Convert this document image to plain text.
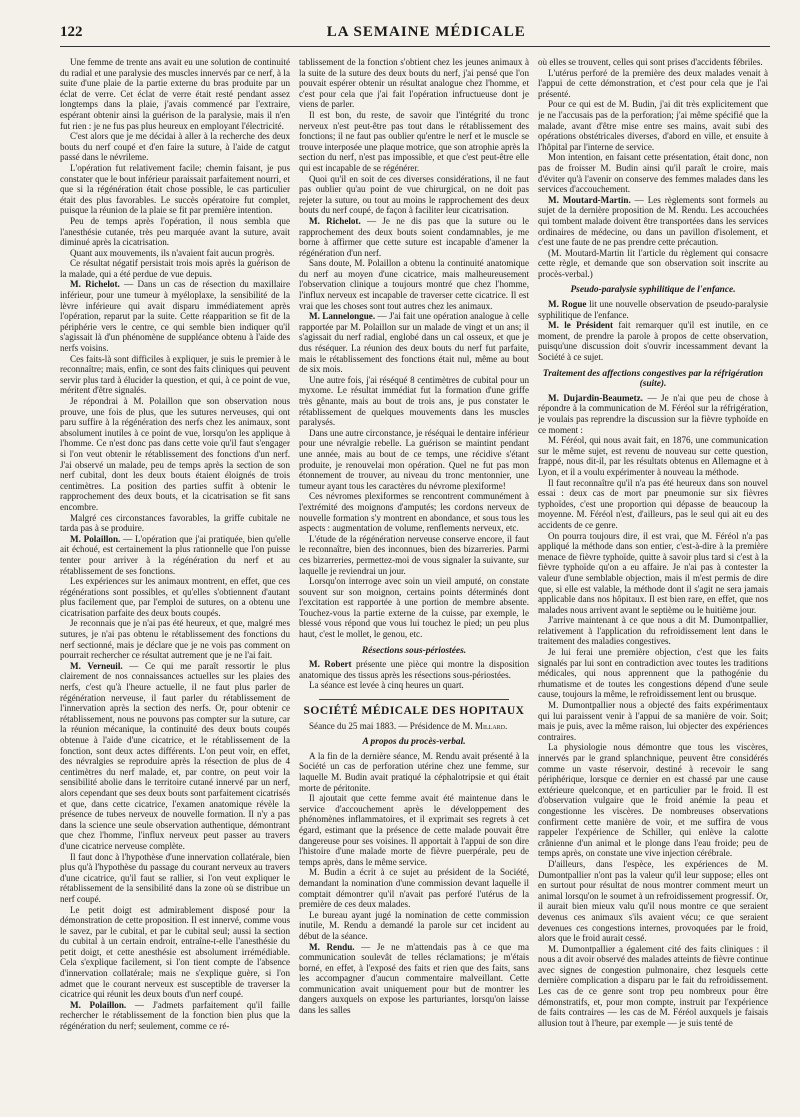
122	LA SEMAINE MÉDICALE

Une femme de trente ans avait eu une solution de continuité du radial et une paralysie des muscles innervés par ce nerf, à la suite d'une plaie de la partie externe du bras produite par un éclat de verre. Cet éclat de verre était resté pendant assez longtemps dans la plaie, j'avais commencé par l'extraire, espérant obtenir ainsi la guérison de la paralysie, mais il n'en fut rien : je ne fus pas plus heureux en employant l'électricité.

C'est alors que je me décidai à aller à la recherche des deux bouts du nerf coupé et d'en faire la suture, à l'aide de catgut passé dans le névrileme.

L'opération fut relativement facile; chemin faisant, je pus constater que le bout inférieur paraissait parfaitement nourri, et que si la régénération était chose possible, le cas particulier était des plus favorables. Le succès opératoire fut complet, puisque la réunion de la plaie se fit par première intention.

Peu de temps après l'opération, il nous sembla que l'anesthésie cutanée, très peu marquée avant la suture, avait diminué après la cicatrisation.

Quant aux mouvements, ils n'avaient fait aucun progrès.

Ce résultat négatif persistait trois mois après la guérison de la malade, qui a été perdue de vue depuis.

M. Richelot. — Dans un cas de résection du maxillaire inférieur, pour une tumeur à myéloplaxe, la sensibilité de la lèvre inférieure qui avait disparu immédiatement après l'opération, reparut par la suite. Cette réapparition se fit de la périphérie vers le centre, ce qui semble bien indiquer qu'il s'agissait là d'un phénomène de suppléance obtenu à l'aide des nerfs voisins.

Ces faits-là sont difficiles à expliquer, je suis le premier à le reconnaître; mais, enfin, ce sont des faits cliniques qui peuvent servir plus tard à élucider la question, et qui, à ce point de vue, méritent d'être signalés.

Je répondrai à M. Polaillon que son observation nous prouve, une fois de plus, que les sutures nerveuses, qui ont paru suffire à la régénération des nerfs chez les animaux, sont absolument inutiles à ce point de vue, lorsqu'on les applique à l'homme. Ce n'est donc pas dans cette voie qu'il faut s'engager si l'on veut obtenir le rétablissement des fonctions d'un nerf. J'ai observé un malade, peu de temps après la section de son nerf cubital, dont les deux bouts étaient éloignés de trois centimètres. La position des parties suffit à obtenir le rapprochement des deux bouts, et la cicatrisation se fit sans encombre.

Malgré ces circonstances favorables, la griffe cubitale ne tarda pas à se produire.

M. Polaillon. — L'opération que j'ai pratiquée, bien qu'elle ait échoué, est certainement la plus rationnelle que l'on puisse tenter pour arriver à la régénération du nerf et au rétablissement de ses fonctions.

Les expériences sur les animaux montrent, en effet, que ces régénérations sont possibles, et qu'elles s'obtiennent d'autant plus facilement que, par l'emploi de sutures, on a obtenu une cicatrisation parfaite des deux bouts coupés.

Je reconnais que je n'ai pas été heureux, et que, malgré mes sutures, je n'ai pas obtenu le rétablissement des fonctions du nerf sectionné, mais je déclare que je ne vois pas comment on pourrait rechercher ce résultat autrement que je ne l'ai fait.

M. Verneuil. — Ce qui me paraît ressortir le plus clairement de nos connaissances actuelles sur les plaies des nerfs, c'est qu'à l'heure actuelle, il ne faut plus parler de régénération nerveuse, il faut parler du rétablissement de l'innervation après la section des nerfs. Or, pour obtenir ce rétablissement, nous ne pouvons pas compter sur la suture, car la réunion mécanique, la continuité des deux bouts coupés obtenue à l'aide d'une cicatrice, et le rétablissement de la fonction, sont deux actes différents. L'on peut voir, en effet, des névralgies se reproduire après la résection de plus de 4 centimètres du nerf malade, et, par contre, on peut voir la sensibilité abolie dans le territoire cutané innervé par un nerf, alors cependant que ses deux bouts sont parfaitement cicatrisés et que, dans cette cicatrice, l'examen anatomique révèle la présence de tubes nerveux de nouvelle formation. Il n'y a pas dans la science une seule observation authentique, démontrant que chez l'homme, l'influx nerveux peut passer au travers d'une cicatrice nerveuse complète.

Il faut donc à l'hypothèse d'une innervation collatérale, bien plus qu'à l'hypothèse du passage du courant nerveux au travers d'une cicatrice, qu'il faut se rallier, si l'on veut expliquer le rétablissement de la sensibilité dans la zone où se distribue un nerf coupé.

Le petit doigt est admirablement disposé pour la démonstration de cette proposition. Il est innervé, comme vous le savez, par le cubital, et par le cubital seul; aussi la section du cubital à un certain endroit, entraîne-t-elle l'anesthésie du petit doigt, et cette anesthésie est absolument irrémédiable. Cela s'explique facilement, si l'on tient compte de l'absence d'innervation collatérale; mais ne s'explique guère, si l'on admet que le courant nerveux est susceptible de traverser la cicatrice qui réunit les deux bouts d'un nerf coupé.

M. Polaillon. — J'admets parfaitement qu'il faille rechercher le rétablissement de la fonction bien plus que la régénération du nerf; seulement, comme ce ré-

tablissement de la fonction s'obtient chez les jeunes animaux à la suite de la suture des deux bouts du nerf, j'ai pensé que l'on pouvait espérer obtenir un résultat analogue chez l'homme, et c'est pour cela que j'ai fait l'opération infructueuse dont je viens de parler.

Il est bon, du reste, de savoir que l'intégrité du tronc nerveux n'est peut-être pas tout dans le rétablissement des fonctions; il ne faut pas oublier qu'entre le nerf et le muscle se trouve interposée une plaque motrice, que son atrophie après la section du nerf, n'est pas impossible, et que c'est peut-être elle qui est incapable de se régénérer.

Quoi qu'il en soit de ces diverses considérations, il ne faut pas oublier qu'au point de vue chirurgical, on ne doit pas rejeter la suture, ou tout au moins le rapprochement des deux bouts du nerf coupé, de façon à faciliter leur cicatrisation.

M. Richelot. — Je ne dis pas que la suture ou le rapprochement des deux bouts soient condamnables, je me borne à affirmer que cette suture est incapable d'amener la régénération d'un nerf.

Sans doute, M. Polaillon a obtenu la continuité anatomique du nerf au moyen d'une cicatrice, mais malheureusement l'observation clinique a toujours montré que chez l'homme, l'influx nerveux est incapable de traverser cette cicatrice. Il est vrai que les choses sont tout autres chez les animaux.

M. Lannelongue. — J'ai fait une opération analogue à celle rapportée par M. Polaillon sur un malade de vingt et un ans; il s'agissait du nerf radial, englobé dans un cal osseux, et que je dus réséquer. La réunion des deux bouts du nerf fut parfaite, mais le rétablissement des fonctions était nul, même au bout de six mois.

Une autre fois, j'ai réséqué 8 centimètres de cubital pour un myxome. Le résultat immédiat fut la formation d'une griffe très gênante, mais au bout de trois ans, je pus constater le rétablissement de quelques mouvements dans les muscles paralysés.

Dans une autre circonstance, je réséquai le dentaire inférieur pour une névralgie rebelle. La guérison se maintint pendant une année, mais au bout de ce temps, une récidive s'étant produite, je renouvelai mon opération. Quel ne fut pas mon étonnement de trouver, au niveau du tronc mentonnier, une tumeur ayant tous les caractères du névrome plexiforme!

Ces névromes plexiformes se rencontrent communément à l'extrémité des moignons d'amputés; les cordons nerveux de nouvelle formation s'y montrent en abondance, et sous tous les aspects : augmentation de volume, renflements nerveux, etc.

L'étude de la régénération nerveuse conserve encore, il faut le reconnaître, bien des inconnues, bien des bizarreries. Parmi ces bizarreries, permettez-moi de vous signaler la suivante, sur laquelle je reviendrai un jour.

Lorsqu'on interroge avec soin un vieil amputé, on constate souvent sur son moignon, certains points déterminés dont l'excitation est rapportée à une portion de membre absente. Touchez-vous la partie externe de la cuisse, par exemple, le blessé vous répond que vous lui touchez le pied; un peu plus haut, c'est le mollet, le genou, etc.

Résections sous-périostées.

M. Robert présente une pièce qui montre la disposition anatomique des tissus après les résections sous-périostées.

La séance est levée à cinq heures un quart.

SOCIÉTÉ MÉDICALE DES HOPITAUX

Séance du 25 mai 1883. — Présidence de M. Millard.

A propos du procès-verbal.

A la fin de la dernière séance, M. Rendu avait présenté à la Société un cas de perforation utérine chez une femme, sur laquelle M. Budin avait pratiqué la céphalotripsie et qui était morte de péritonite.

Il ajoutait que cette femme avait été maintenue dans le service d'accouchement après le développement des phénomènes inflammatoires, et il exprimait ses regrets à cet égard, estimant que la présence de cette malade pouvait être dangereuse pour ses voisines. Il apportait à l'appui de son dire l'histoire d'une malade morte de fièvre puerpérale, peu de temps après, dans le même service.

M. Budin a écrit à ce sujet au président de la Société, demandant la nomination d'une commission devant laquelle il comptait démontrer qu'il n'avait pas perforé l'utérus de la première de ces deux malades.

Le bureau ayant jugé la nomination de cette commission inutile, M. Rendu a demandé la parole sur cet incident au début de la séance.

M. Rendu. — Je ne m'attendais pas à ce que ma communication soulevât de telles réclamations; je m'étais borné, en effet, à l'exposé des faits et rien que des faits, sans les accompagner d'aucun commentaire malveillant. Cette communication avait uniquement pour but de montrer les dangers auxquels on expose les parturiantes, lorsqu'on laisse dans les salles

où elles se trouvent, celles qui sont prises d'accidents fébriles.

L'utérus perforé de la première des deux malades venait à l'appui de cette démonstration, et c'est pour cela que je l'ai présenté.

Pour ce qui est de M. Budin, j'ai dit très explicitement que je ne l'accusais pas de la perforation; j'ai même spécifié que la malade, avant d'être mise entre ses mains, avait subi des opérations obstétricales diverses, d'abord en ville, et ensuite à l'hôpital par l'interne de service.

Mon intention, en faisant cette présentation, était donc, non pas de froisser M. Budin ainsi qu'il paraît le croire, mais d'éviter qu'à l'avenir on conserve des femmes malades dans les services d'accouchement.

M. Moutard-Martin. — Les règlements sont formels au sujet de la dernière proposition de M. Rendu. Les accouchées qui tombent malade doivent être transportées dans les services ordinaires de médecine, ou dans un pavillon d'isolement, et c'est une faute de ne pas prendre cette précaution.

(M. Moutard-Martin lit l'article du règlement qui consacre cette règle, et demande que son observation soit inscrite au procès-verbal.)

Pseudo-paralysie syphilitique de l'enfance.

M. Rogue lit une nouvelle observation de pseudo-paralysie syphilitique de l'enfance.

M. le Président fait remarquer qu'il est inutile, en ce moment, de prendre la parole à propos de cette observation, puisqu'une discussion doit s'ouvrir incessamment devant la Société à ce sujet.

Traitement des affections congestives par la réfrigération (suite).

M. Dujardin-Beaumetz. — Je n'ai que peu de chose à répondre à la communication de M. Féréol sur la réfrigération, je voulais pas reprendre la discussion sur la fièvre typhoïde en ce moment :

M. Féréol, qui nous avait fait, en 1876, une communication sur le même sujet, est revenu de nouveau sur cette question, frappé, nous dit-il, par les résultats obtenus en Allemagne et à Lyon, et il a voulu expérimenter à nouveau la méthode.

Il faut reconnaître qu'il n'a pas été heureux dans son nouvel essai : deux cas de mort par pneumonie sur six fièvres typhoïdes, c'est une proportion qui dépasse de beaucoup la moyenne. M. Féréol n'est, d'ailleurs, pas le seul qui ait eu des accidents de ce genre.

On pourra toujours dire, il est vrai, que M. Féréol n'a pas appliqué la méthode dans son entier, c'est-à-dire à la première menace de fièvre typhoïde, quitte à savoir plus tard si c'est à la fièvre typhoïde qu'on a eu affaire. Je n'ai pas à contester la valeur d'une semblable objection, mais il m'est permis de dire que, si elle est valable, la méthode dont il s'agit ne sera jamais applicable dans nos hôpitaux. Il est bien rare, en effet, que nos malades nous arrivent avant le septième ou le huitième jour.

J'arrive maintenant à ce que nous a dit M. Dumontpallier, relativement à l'application du refroidissement lent dans le traitement des maladies congestives.

Je lui ferai une première objection, c'est que les faits signalés par lui sont en contradiction avec toutes les traditions médicales, qui nous apprennent que la pathogénie du rhumatisme et de toutes les congestions dépend d'une seule cause, toujours la même, le refroidissement lent ou brusque.

M. Dumontpallier nous a objecté des faits expérimentaux qui lui paraissent venir à l'appui de sa manière de voir. Soit; mais je puis, avec la même raison, lui objecter des expériences contraires.

La physiologie nous démontre que tous les viscères, innervés par le grand splanchnique, peuvent être considérés comme un vaste réservoir, destiné à recevoir le sang périphérique, lorsque ce dernier en est chassé par une cause extérieure quelconque, et en particulier par le froid. Il est d'observation vulgaire que le froid anémie la peau et congestionne les viscères. De nombreuses observations confirment cette manière de voir, et me suffira de vous rappeler l'expérience de Schiller, qui enlève la calotte crânienne d'un animal et le plonge dans l'eau froide; peu de temps après, on constate une vive injection cérébrale.

D'ailleurs, dans l'espèce, les expériences de M. Dumontpallier n'ont pas la valeur qu'il leur suppose; elles ont en surtout pour résultat de nous montrer comment meurt un animal lorsqu'on le soumet à un refroidissement progressif. Or, il aurait bien mieux valu qu'il nous montre ce que seraient devenus ces animaux s'ils avaient vécu; ce que seraient devenues ces congestions internes, provoquées par le froid, alors que le froid aurait cessé.

M. Dumontpallier a également cité des faits cliniques : il nous a dit avoir observé des malades atteints de fièvre continue avec signes de congestion pulmonaire, chez lesquels cette dernière complication a disparu par le fait du refroidissement. Les cas de ce genre sont trop peu nombreux pour être démonstratifs, et, pour mon compte, instruit par l'expérience de faits contraires — les cas de M. Féréol auxquels je faisais allusion tout à l'heure, par exemple — je suis tenté de
